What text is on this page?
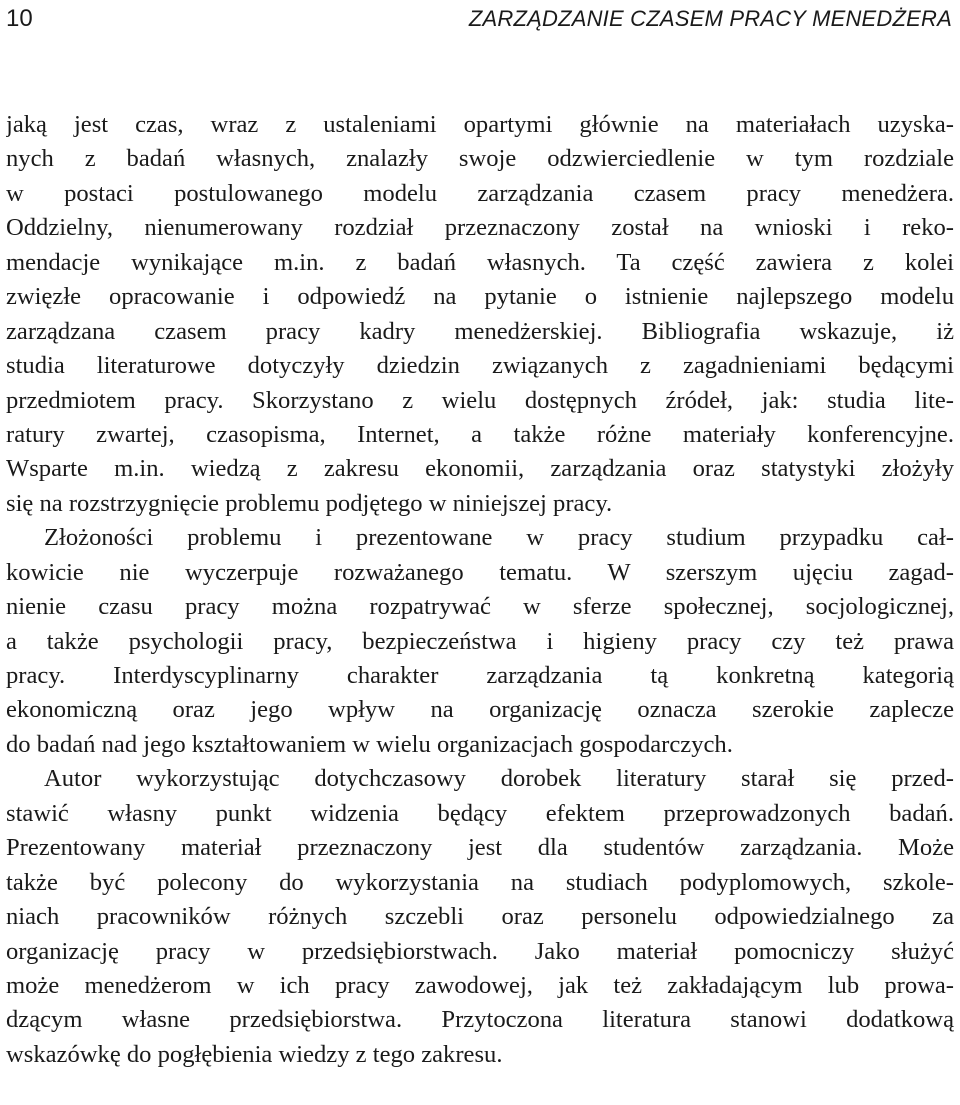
10	ZARZĄDZANIE CZASEM PRACY MENEDŻERA
jaką jest czas, wraz z ustaleniami opartymi głównie na materiałach uzyska-
nych z badań własnych, znalazły swoje odzwierciedlenie w tym rozdziale
w postaci postulowanego modelu zarządzania czasem pracy menedżera.
Oddzielny, nienumerowany rozdział przeznaczony został na wnioski i reko-
mendacje wynikające m.in. z badań własnych. Ta część zawiera z kolei
zwięzłe opracowanie i odpowiedź na pytanie o istnienie najlepszego modelu
zarządzana czasem pracy kadry menedżerskiej. Bibliografia wskazuje, iż
studia literaturowe dotyczyły dziedzin związanych z zagadnieniami będącymi
przedmiotem pracy. Skorzystano z wielu dostępnych źródeł, jak: studia lite-
ratury zwartej, czasopisma, Internet, a także różne materiały konferencyjne.
Wsparte m.in. wiedzą z zakresu ekonomii, zarządzania oraz statystyki złożyły
się na rozstrzygnięcie problemu podjętego w niniejszej pracy.
Złożoności problemu i prezentowane w pracy studium przypadku cał-
kowicie nie wyczerpuje rozważanego tematu. W szerszym ujęciu zagad-
nienie czasu pracy można rozpatrywać w sferze społecznej, socjologicznej,
a także psychologii pracy, bezpieczeństwa i higieny pracy czy też prawa
pracy. Interdyscyplinarny charakter zarządzania tą konkretną kategorią
ekonomiczną oraz jego wpływ na organizację oznacza szerokie zaplecze
do badań nad jego kształtowaniem w wielu organizacjach gospodarczych.
Autor wykorzystując dotychczasowy dorobek literatury starał się przed-
stawić własny punkt widzenia będący efektem przeprowadzonych badań.
Prezentowany materiał przeznaczony jest dla studentów zarządzania. Może
także być polecony do wykorzystania na studiach podyplomowych, szkole-
niach pracowników różnych szczebli oraz personelu odpowiedzialnego za
organizację pracy w przedsiębiorstwach. Jako materiał pomocniczy służyć
może menedżerom w ich pracy zawodowej, jak też zakładającym lub prowa-
dzącym własne przedsiębiorstwa. Przytoczona literatura stanowi dodatkową
wskazówkę do pogłębienia wiedzy z tego zakresu.
